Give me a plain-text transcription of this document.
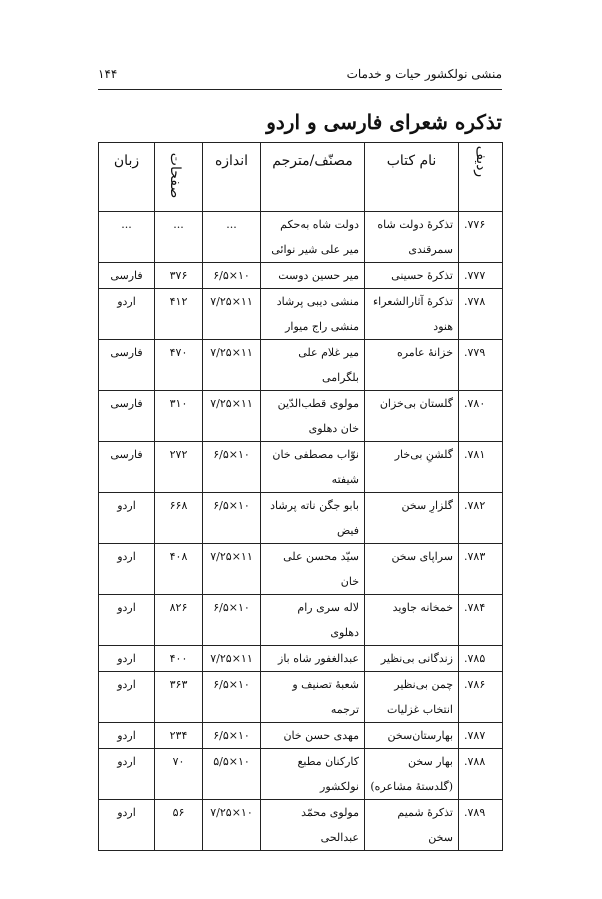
منشی نولکشور حیات و خدمات
۱۴۴
تذکره شعرای فارسی و اردو
ردیف	نام کتاب	مصنّف/مترجم	اندازه	صفحات	زبان
۷۷۶.	تذکرهٔ دولت شاه سمرقندی	دولت شاه به‌حکم میر علی شیر نوائی	...	...	...
۷۷۷.	تذکرهٔ حسینی	میر حسین دوست	۶/۵×۱۰	۳۷۶	فارسی
۷۷۸.	تذکرهٔ آثارالشعراء هنود	منشی دیبی پرشاد منشی راج میوار	۷/۲۵×۱۱	۴۱۲	اردو
۷۷۹.	خزانهٔ عامره	میر غلام علی بلگرامی	۷/۲۵×۱۱	۴۷۰	فارسی
۷۸۰.	گلستان بی‌خزان	مولوی قطب‌الدّین خان دهلوی	۷/۲۵×۱۱	۳۱۰	فارسی
۷۸۱.	گلشنِ بی‌خار	نوّاب مصطفی خان شیفته	۶/۵×۱۰	۲۷۲	فارسی
۷۸۲.	گلزارِ سخن	بابو جگن ناته پرشاد فیض	۶/۵×۱۰	۶۶۸	اردو
۷۸۳.	سراپای سخن	سیّد محسن علی خان	۷/۲۵×۱۱	۴۰۸	اردو
۷۸۴.	خمخانه جاوید	لاله سری رام دهلوی	۶/۵×۱۰	۸۲۶	اردو
۷۸۵.	زندگانی بی‌نظیر	عبدالغفور شاه باز	۷/۲۵×۱۱	۴۰۰	اردو
۷۸۶.	چمن بی‌نظیر انتخاب غزلیات	شعبهٔ تصنیف و ترجمه	۶/۵×۱۰	۳۶۳	اردو
۷۸۷.	بهارستان‌سخن	مهدی حسن خان	۶/۵×۱۰	۲۳۴	اردو
۷۸۸.	بهار سخن (گلدستهٔ مشاعره)	کارکنان مطبع نولکشور	۵/۵×۱۰	۷۰	اردو
۷۸۹.	تذکرهٔ شمیم سخن	مولوی محمّد عبدالحی	۷/۲۵×۱۰	۵۶	اردو
